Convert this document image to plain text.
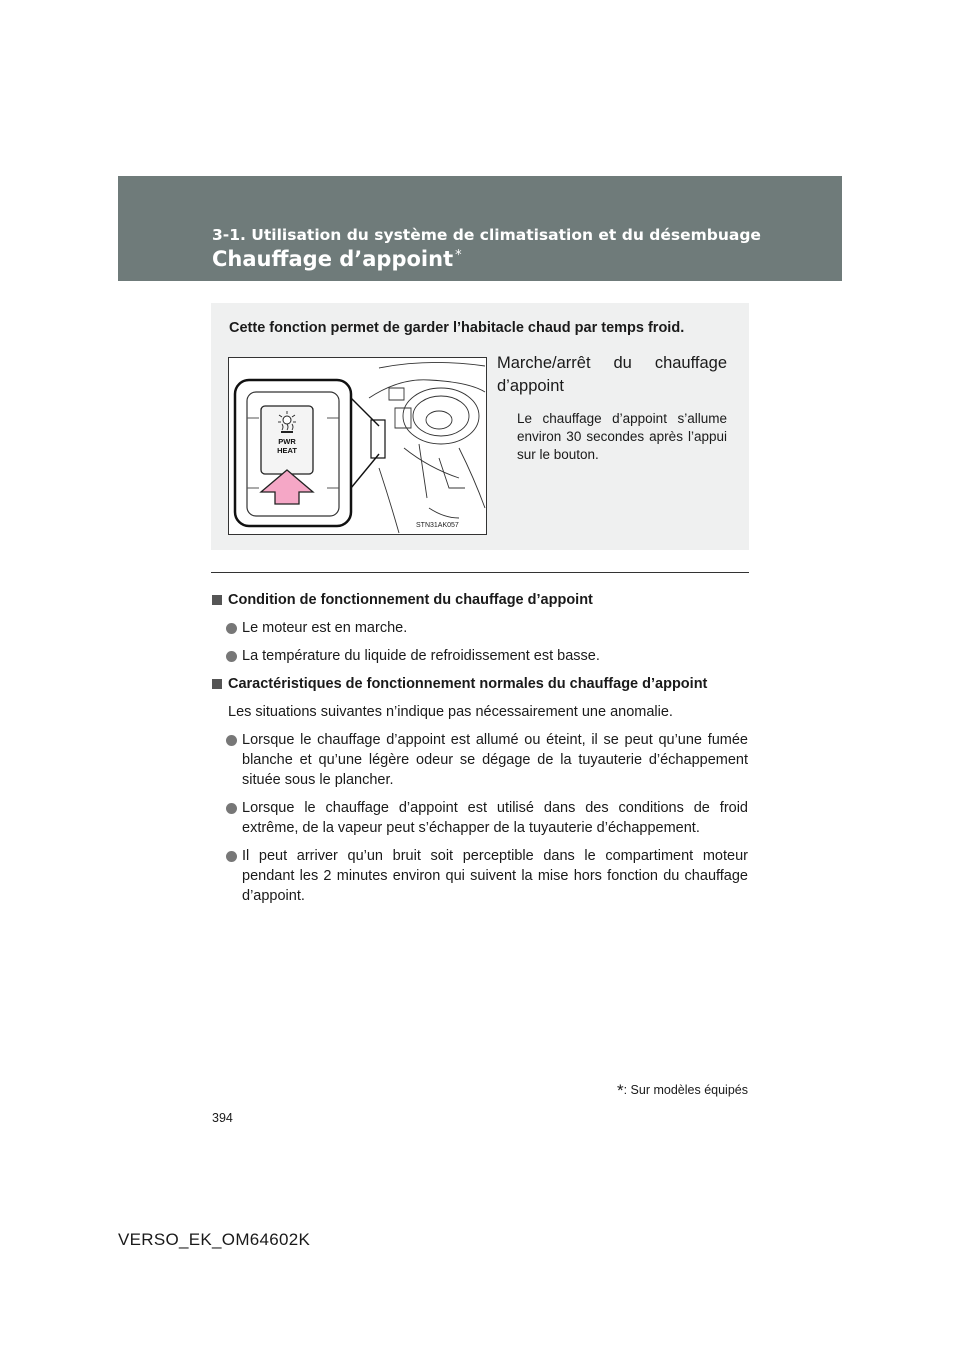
3-1. Utilisation du système de climatisation et du désembuage
Chauffage d’appoint *
Cette fonction permet de garder l’habitacle chaud par temps froid.
PWR
HEAT
STN31AK057
Marche/arrêt du chauffage d’appoint
Le chauffage d’appoint s’allume environ 30 secondes après l’appui sur le bouton.
Condition de fonctionnement du chauffage d’appoint
Le moteur est en marche.
La température du liquide de refroidissement est basse.
Caractéristiques de fonctionnement normales du chauffage d’appoint
Les situations suivantes n’indique pas nécessairement une anomalie.
Lorsque le chauffage d’appoint est allumé ou éteint, il se peut qu’une fumée blanche et qu’une légère odeur se dégage de la tuyauterie d’échappement située sous le plancher.
Lorsque le chauffage d’appoint est utilisé dans des conditions de froid extrême, de la vapeur peut s’échapper de la tuyauterie d’échappement.
Il peut arriver qu’un bruit soit perceptible dans le compartiment moteur pendant les 2 minutes environ qui suivent la mise hors fonction du chauffage d’appoint.
*: Sur modèles équipés
394
VERSO_EK_OM64602K
